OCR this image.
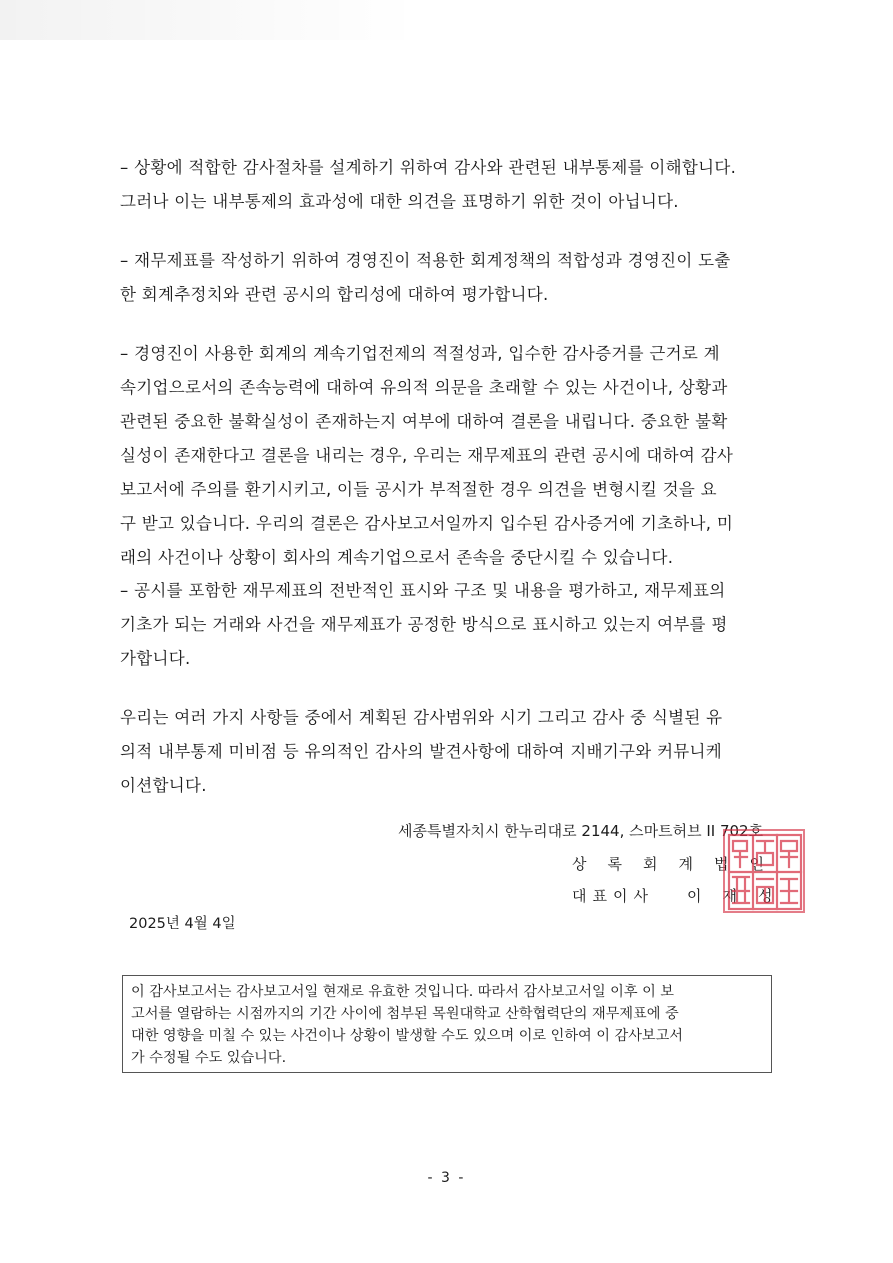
– 상황에 적합한 감사절차를 설계하기 위하여 감사와 관련된 내부통제를 이해합니다.
그러나 이는 내부통제의 효과성에 대한 의견을 표명하기 위한 것이 아닙니다.

– 재무제표를 작성하기 위하여 경영진이 적용한 회계정책의 적합성과 경영진이 도출
한 회계추정치와 관련 공시의 합리성에 대하여 평가합니다.

– 경영진이 사용한 회계의 계속기업전제의 적절성과, 입수한 감사증거를 근거로 계
속기업으로서의 존속능력에 대하여 유의적 의문을 초래할 수 있는 사건이나, 상황과
관련된 중요한 불확실성이 존재하는지 여부에 대하여 결론을 내립니다. 중요한 불확
실성이 존재한다고 결론을 내리는 경우, 우리는 재무제표의 관련 공시에 대하여 감사
보고서에 주의를 환기시키고, 이들 공시가 부적절한 경우 의견을 변형시킬 것을 요
구 받고 있습니다. 우리의 결론은 감사보고서일까지 입수된 감사증거에 기초하나, 미
래의 사건이나 상황이 회사의 계속기업으로서 존속을 중단시킬 수 있습니다.

– 공시를 포함한 재무제표의 전반적인 표시와 구조 및 내용을 평가하고, 재무제표의
기초가 되는 거래와 사건을 재무제표가 공정한 방식으로 표시하고 있는지 여부를 평
가합니다.

우리는 여러 가지 사항들 중에서 계획된 감사범위와 시기 그리고 감사 중 식별된 유
의적 내부통제 미비점 등 유의적인 감사의 발견사항에 대하여 지배기구와 커뮤니케
이션합니다.

세종특별자치시 한누리대로 2144, 스마트허브 II 702호
상 록 회 계 법 인
대표이사 이재성
2025년 4월 4일
이 감사보고서는 감사보고서일 현재로 유효한 것입니다. 따라서 감사보고서일 이후 이 보
고서를 열람하는 시점까지의 기간 사이에 첨부된 목원대학교 산학협력단의 재무제표에 중
대한 영향을 미칠 수 있는 사건이나 상황이 발생할 수도 있으며 이로 인하여 이 감사보고서
가 수정될 수도 있습니다.
- 3 -
